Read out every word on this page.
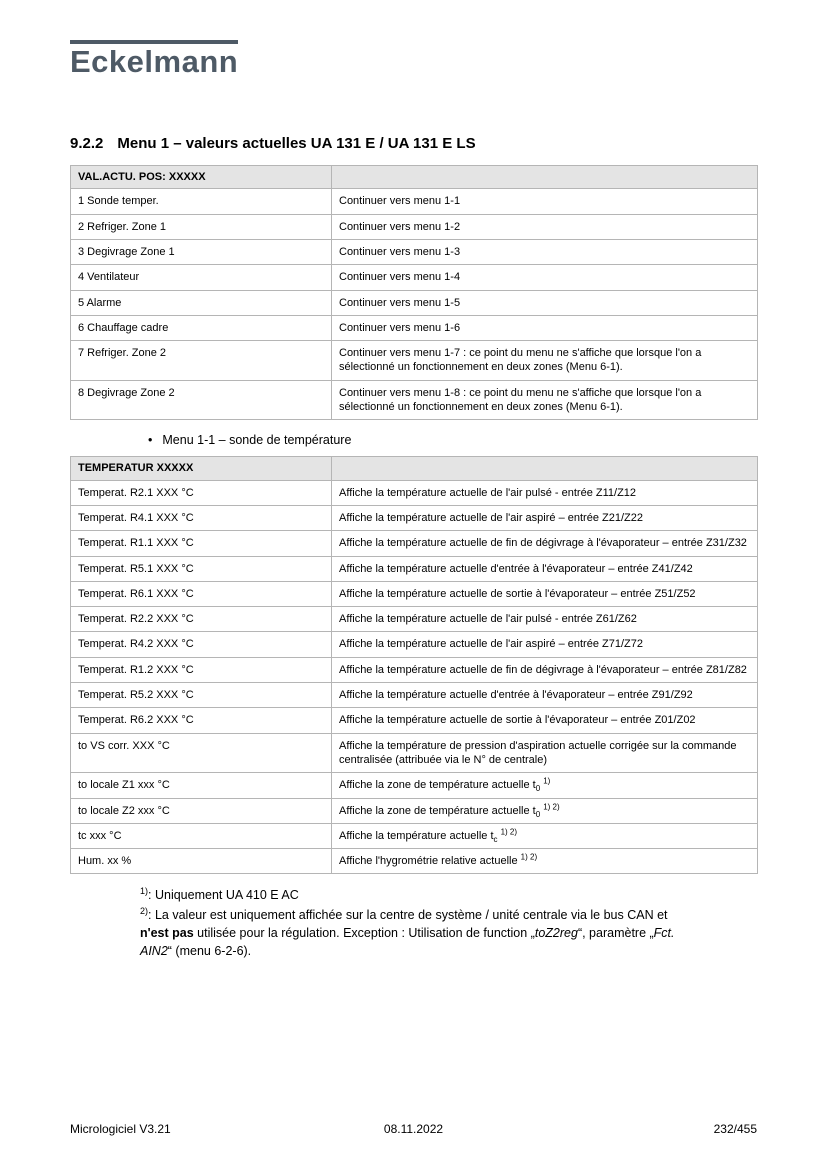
Eckelmann
9.2.2 Menu 1 – valeurs actuelles UA 131 E / UA 131 E LS
VAL.ACTU. POS: XXXXX	
1 Sonde temper.	Continuer vers menu 1-1
2 Refriger. Zone 1	Continuer vers menu 1-2
3 Degivrage Zone 1	Continuer vers menu 1-3
4 Ventilateur	Continuer vers menu 1-4
5 Alarme	Continuer vers menu 1-5
6 Chauffage cadre	Continuer vers menu 1-6
7 Refriger. Zone 2	Continuer vers menu 1-7 : ce point du menu ne s'affiche que lorsque l'on a sélectionné un fonctionnement en deux zones (Menu 6-1).
8 Degivrage Zone 2	Continuer vers menu 1-8 : ce point du menu ne s'affiche que lorsque l'on a sélectionné un fonctionnement en deux zones (Menu 6-1).
• Menu 1-1 – sonde de température
TEMPERATUR XXXXX	
Temperat. R2.1 XXX °C	Affiche la température actuelle de l'air pulsé - entrée Z11/Z12
Temperat. R4.1 XXX °C	Affiche la température actuelle de l'air aspiré – entrée Z21/Z22
Temperat. R1.1 XXX °C	Affiche la température actuelle de fin de dégivrage à l'évaporateur – entrée Z31/Z32
Temperat. R5.1 XXX °C	Affiche la température actuelle d'entrée à l'évaporateur – entrée Z41/Z42
Temperat. R6.1 XXX °C	Affiche la température actuelle de sortie à l'évaporateur – entrée Z51/Z52
Temperat. R2.2 XXX °C	Affiche la température actuelle de l'air pulsé - entrée Z61/Z62
Temperat. R4.2 XXX °C	Affiche la température actuelle de l'air aspiré – entrée Z71/Z72
Temperat. R1.2 XXX °C	Affiche la température actuelle de fin de dégivrage à l'évaporateur – entrée Z81/Z82
Temperat. R5.2 XXX °C	Affiche la température actuelle d'entrée à l'évaporateur – entrée Z91/Z92
Temperat. R6.2 XXX °C	Affiche la température actuelle de sortie à l'évaporateur – entrée Z01/Z02
to VS corr. XXX °C	Affiche la température de pression d'aspiration actuelle corrigée sur la commande centralisée (attribuée via le N° de centrale)
to locale Z1 xxx °C	Affiche la zone de température actuelle $t_0$ $^{1)}$
to locale Z2 xxx °C	Affiche la zone de température actuelle $t_0$ $^{1) 2)}$
tc xxx °C	Affiche la température actuelle $t_c$ $^{1) 2)}$
Hum. xx %	Affiche l'hygrométrie relative actuelle $^{1) 2)}$
$^{1)}$: Uniquement UA 410 E AC
$^{2)}$: La valeur est uniquement affichée sur la centre de système / unité centrale via le bus CAN et n'est pas utilisée pour la régulation. Exception : Utilisation de function „toZ2reg“, paramètre „Fct. AIN2“ (menu 6-2-6).
Micrologiciel V3.21	08.11.2022	232/455
